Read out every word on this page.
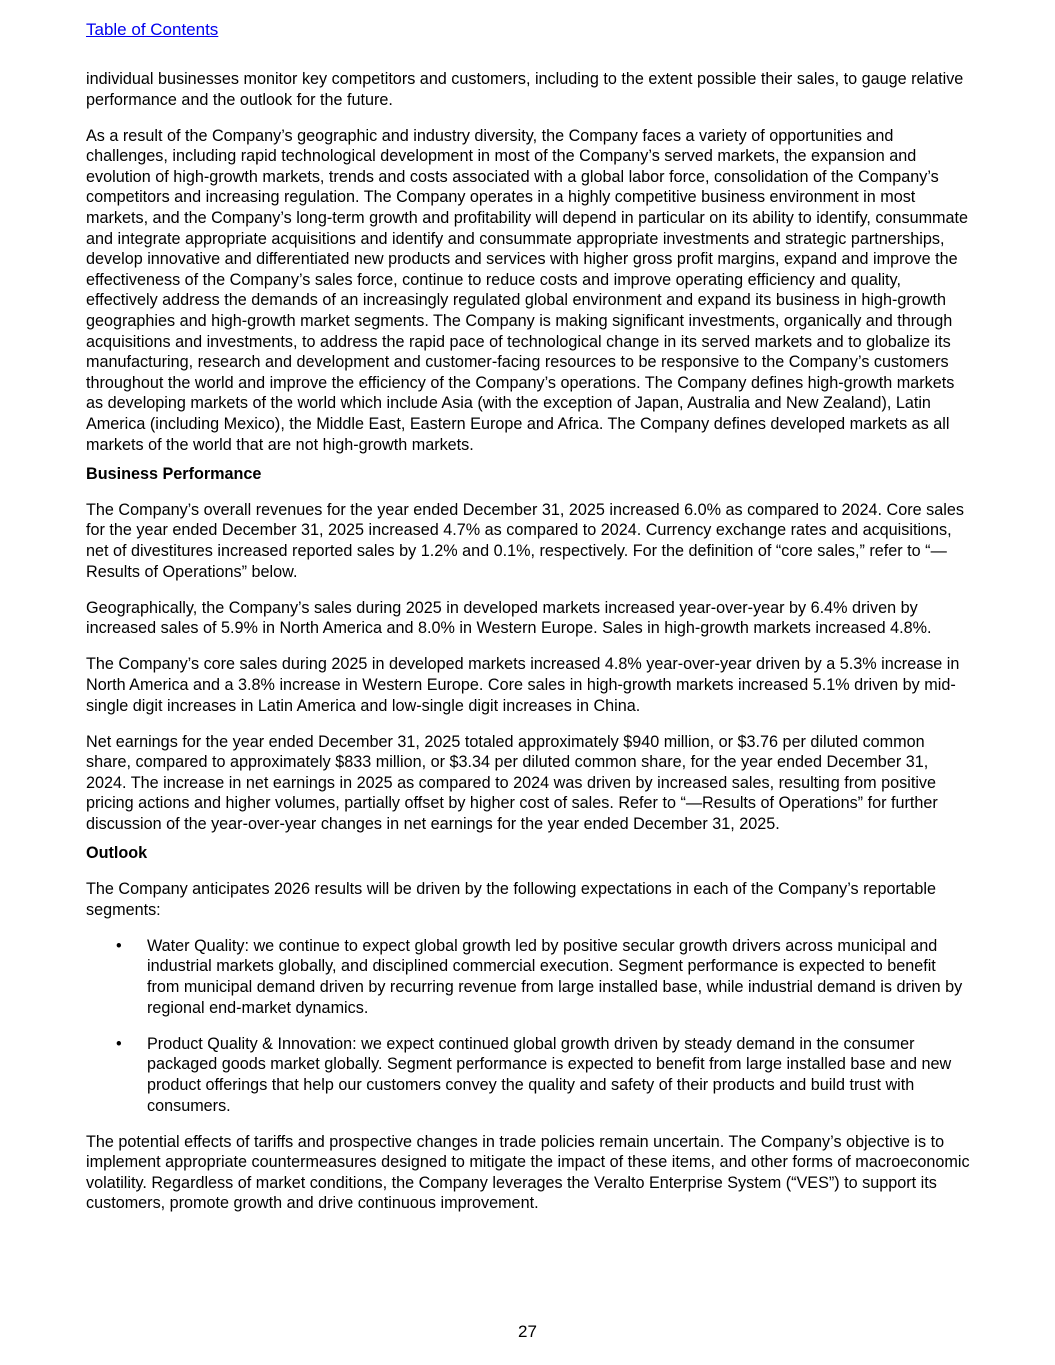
Table of Contents

individual businesses monitor key competitors and customers, including to the extent possible their sales, to gauge relative performance and the outlook for the future.

As a result of the Company’s geographic and industry diversity, the Company faces a variety of opportunities and challenges, including rapid technological development in most of the Company’s served markets, the expansion and evolution of high-growth markets, trends and costs associated with a global labor force, consolidation of the Company’s competitors and increasing regulation. The Company operates in a highly competitive business environment in most markets, and the Company’s long-term growth and profitability will depend in particular on its ability to identify, consummate and integrate appropriate acquisitions and identify and consummate appropriate investments and strategic partnerships, develop innovative and differentiated new products and services with higher gross profit margins, expand and improve the effectiveness of the Company’s sales force, continue to reduce costs and improve operating efficiency and quality, effectively address the demands of an increasingly regulated global environment and expand its business in high-growth geographies and high-growth market segments. The Company is making significant investments, organically and through acquisitions and investments, to address the rapid pace of technological change in its served markets and to globalize its manufacturing, research and development and customer-facing resources to be responsive to the Company’s customers throughout the world and improve the efficiency of the Company’s operations. The Company defines high-growth markets as developing markets of the world which include Asia (with the exception of Japan, Australia and New Zealand), Latin America (including Mexico), the Middle East, Eastern Europe and Africa. The Company defines developed markets as all markets of the world that are not high-growth markets.

Business Performance

The Company’s overall revenues for the year ended December 31, 2025 increased 6.0% as compared to 2024. Core sales for the year ended December 31, 2025 increased 4.7% as compared to 2024. Currency exchange rates and acquisitions, net of divestitures increased reported sales by 1.2% and 0.1%, respectively. For the definition of “core sales,” refer to “—Results of Operations” below.

Geographically, the Company’s sales during 2025 in developed markets increased year-over-year by 6.4% driven by increased sales of 5.9% in North America and 8.0% in Western Europe. Sales in high-growth markets increased 4.8%.

The Company’s core sales during 2025 in developed markets increased 4.8% year-over-year driven by a 5.3% increase in North America and a 3.8% increase in Western Europe. Core sales in high-growth markets increased 5.1% driven by mid-single digit increases in Latin America and low-single digit increases in China.

Net earnings for the year ended December 31, 2025 totaled approximately $940 million, or $3.76 per diluted common share, compared to approximately $833 million, or $3.34 per diluted common share, for the year ended December 31, 2024. The increase in net earnings in 2025 as compared to 2024 was driven by increased sales, resulting from positive pricing actions and higher volumes, partially offset by higher cost of sales. Refer to “—Results of Operations” for further discussion of the year-over-year changes in net earnings for the year ended December 31, 2025.

Outlook

The Company anticipates 2026 results will be driven by the following expectations in each of the Company’s reportable segments:

• Water Quality: we continue to expect global growth led by positive secular growth drivers across municipal and industrial markets globally, and disciplined commercial execution. Segment performance is expected to benefit from municipal demand driven by recurring revenue from large installed base, while industrial demand is driven by regional end-market dynamics.
• Product Quality & Innovation: we expect continued global growth driven by steady demand in the consumer packaged goods market globally. Segment performance is expected to benefit from large installed base and new product offerings that help our customers convey the quality and safety of their products and build trust with consumers.

The potential effects of tariffs and prospective changes in trade policies remain uncertain. The Company’s objective is to implement appropriate countermeasures designed to mitigate the impact of these items, and other forms of macroeconomic volatility. Regardless of market conditions, the Company leverages the Veralto Enterprise System (“VES”) to support its customers, promote growth and drive continuous improvement.

27
